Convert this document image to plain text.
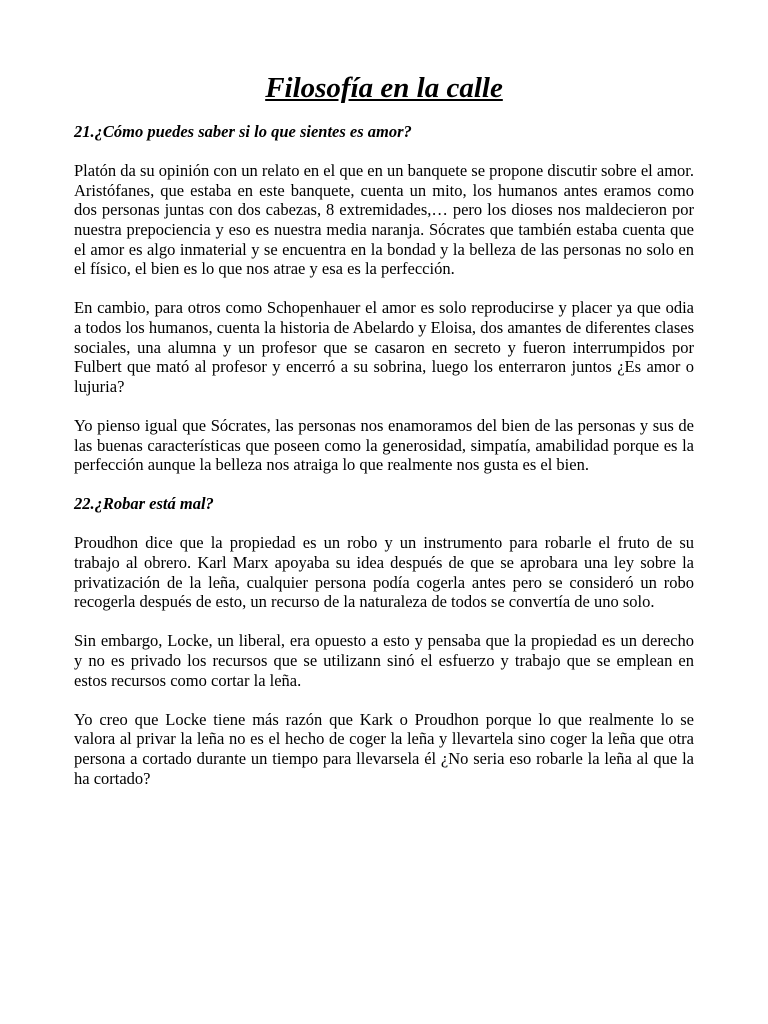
Filosofía en la calle

21.¿Cómo puedes saber si lo que sientes es amor?

Platón da su opinión con un relato en el que en un banquete se propone discutir sobre el amor. Aristófanes, que estaba en este banquete, cuenta un mito, los humanos antes eramos como dos personas juntas con dos cabezas, 8 extremidades,… pero los dioses nos maldecieron por nuestra prepociencia y eso es nuestra media naranja. Sócrates que también estaba cuenta que el amor es algo inmaterial y se encuentra en la bondad y la belleza de las personas no solo en el físico, el bien es lo que nos atrae y esa es la perfección.

En cambio, para otros como Schopenhauer el amor es solo reproducirse y placer ya que odia a todos los humanos, cuenta la historia de Abelardo y Eloisa, dos amantes de diferentes clases sociales, una alumna y un profesor que se casaron en secreto y fueron interrumpidos por Fulbert que mató al profesor y encerró a su sobrina, luego los enterraron juntos ¿Es amor o lujuria?

Yo pienso igual que Sócrates, las personas nos enamoramos del bien de las personas y sus de las buenas características que poseen como la generosidad, simpatía, amabilidad porque es la perfección aunque la belleza nos atraiga lo que realmente nos gusta es el bien.

22.¿Robar está mal?

Proudhon dice que la propiedad es un robo y un instrumento para robarle el fruto de su trabajo al obrero. Karl Marx apoyaba su idea después de que se aprobara una ley sobre la privatización de la leña, cualquier persona podía cogerla antes pero se consideró un robo recogerla después de esto, un recurso de la naturaleza de todos se convertía de uno solo.

Sin embargo, Locke, un liberal, era opuesto a esto y pensaba que la propiedad es un derecho y no es privado los recursos que se utilizann sinó el esfuerzo y trabajo que se emplean en estos recursos como cortar la leña.

Yo creo que Locke tiene más razón que Kark o Proudhon porque lo que realmente lo se valora al privar la leña no es el hecho de coger la leña y llevartela sino coger la leña que otra persona a cortado durante un tiempo para llevarsela él ¿No seria eso robarle la leña al que la ha cortado?
